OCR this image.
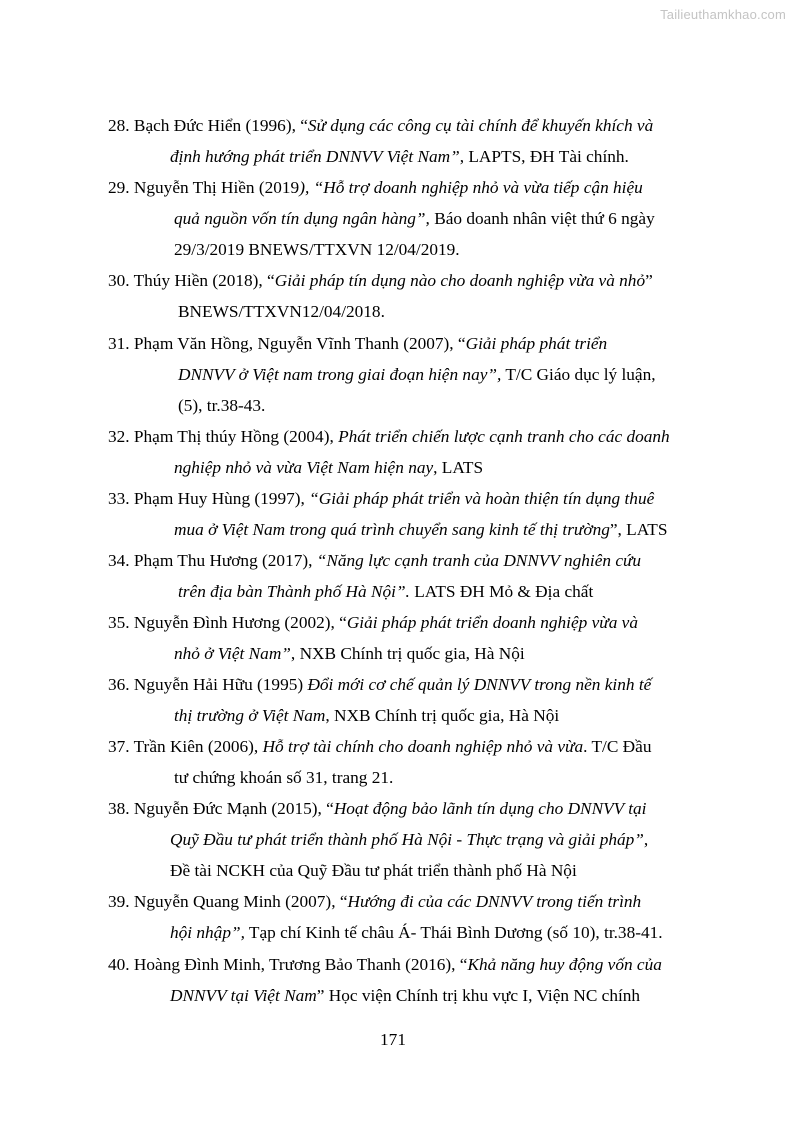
Tailieuthamkhao.com
28. Bạch Đức Hiển (1996), “Sử dụng các công cụ tài chính để khuyến khích và
định hướng phát triển DNNVV Việt Nam”, LAPTS, ĐH Tài chính.
29. Nguyễn Thị Hiền (2019), “Hỗ trợ doanh nghiệp nhỏ và vừa tiếp cận hiệu
quả nguồn vốn tín dụng ngân hàng”, Báo doanh nhân việt thứ 6 ngày
29/3/2019 BNEWS/TTXVN 12/04/2019.
30. Thúy Hiền (2018), “Giải pháp tín dụng nào cho doanh nghiệp vừa và nhỏ”
BNEWS/TTXVN12/04/2018.
31. Phạm Văn Hồng, Nguyễn Vĩnh Thanh (2007), “Giải pháp phát triển
DNNVV ở Việt nam trong giai đoạn hiện nay”, T/C Giáo dục lý luận,
(5), tr.38-43.
32. Phạm Thị thúy Hồng (2004), Phát triển chiến lược cạnh tranh cho các doanh
nghiệp nhỏ và vừa Việt Nam hiện nay, LATS
33. Phạm Huy Hùng (1997), “Giải pháp phát triển và hoàn thiện tín dụng thuê
mua ở Việt Nam trong quá trình chuyển sang kinh tế thị trường”, LATS
34. Phạm Thu Hương (2017), “Năng lực cạnh tranh của DNNVV nghiên cứu
trên địa bàn Thành phố Hà Nội”. LATS ĐH Mỏ & Địa chất
35. Nguyễn Đình Hương (2002), “Giải pháp phát triển doanh nghiệp vừa và
nhỏ ở Việt Nam”, NXB Chính trị quốc gia, Hà Nội
36. Nguyễn Hải Hữu (1995) Đổi mới cơ chế quản lý DNNVV trong nền kinh tế
thị trường ở Việt Nam, NXB Chính trị quốc gia, Hà Nội
37. Trần Kiên (2006), Hỗ trợ tài chính cho doanh nghiệp nhỏ và vừa. T/C Đầu
tư chứng khoán số 31, trang 21.
38. Nguyễn Đức Mạnh (2015), “Hoạt động bảo lãnh tín dụng cho DNNVV tại
Quỹ Đầu tư phát triển thành phố Hà Nội - Thực trạng và giải pháp”,
Đề tài NCKH của Quỹ Đầu tư phát triển thành phố Hà Nội
39. Nguyễn Quang Minh (2007), “Hướng đi của các DNNVV trong tiến trình
hội nhập”, Tạp chí Kinh tế châu Á- Thái Bình Dương (số 10), tr.38-41.
40. Hoàng Đình Minh, Trương Bảo Thanh (2016), “Khả năng huy động vốn của
DNNVV tại Việt Nam” Học viện Chính trị khu vực I, Viện NC chính
171
